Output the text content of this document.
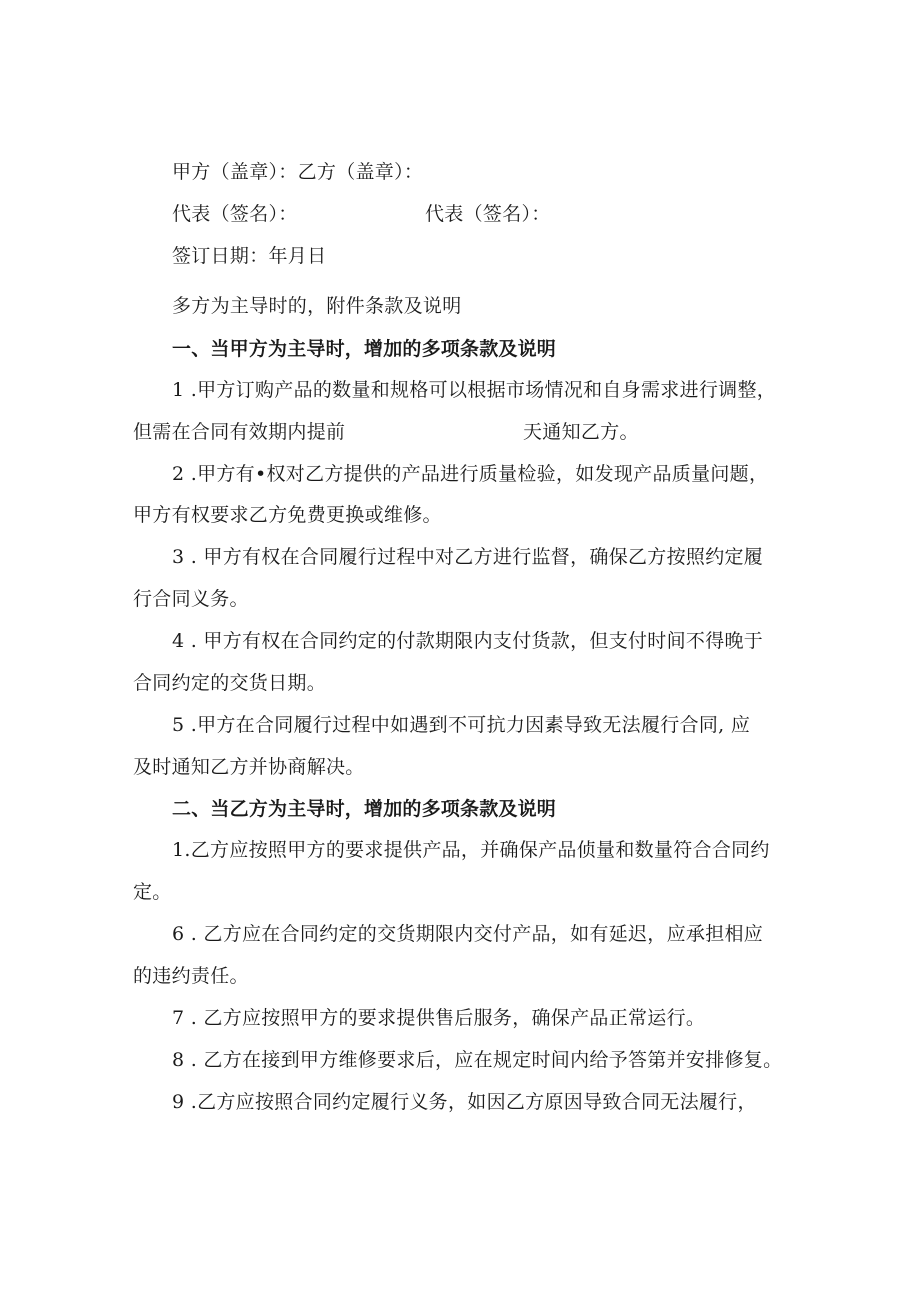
甲方（盖章）：乙方（盖章）：
代表（签名）：	代表（签名）：
签订日期：年月日
多方为主导时的，附件条款及说明
一、当甲方为主导时，增加的多项条款及说明
1 .甲方订购产品的数量和规格可以根据市场情况和自身需求进行调整，
但需在合同有效期内提前	天通知乙方。
2 .甲方有•权对乙方提供的产品进行质量检验，如发现产品质量问题，
甲方有权要求乙方免费更换或维修。
3 . 甲方有权在合同履行过程中对乙方进行监督，确保乙方按照约定履
行合同义务。
4 . 甲方有权在合同约定的付款期限内支付货款，但支付时间不得晚于
合同约定的交货日期。
5 .甲方在合同履行过程中如遇到不可抗力因素导致无法履行合同, 应
及时通知乙方并协商解决。
二、当乙方为主导时，增加的多项条款及说明
1.乙方应按照甲方的要求提供产品，并确保产品侦量和数量符合合同约
定。
6 . 乙方应在合同约定的交货期限内交付产品，如有延迟，应承担相应
的违约责任。
7 . 乙方应按照甲方的要求提供售后服务，确保产品正常运行。
8 . 乙方在接到甲方维修要求后，应在规定时间内给予答第并安排修复。
9 .乙方应按照合同约定履行义务，如因乙方原因导致合同无法履行，
